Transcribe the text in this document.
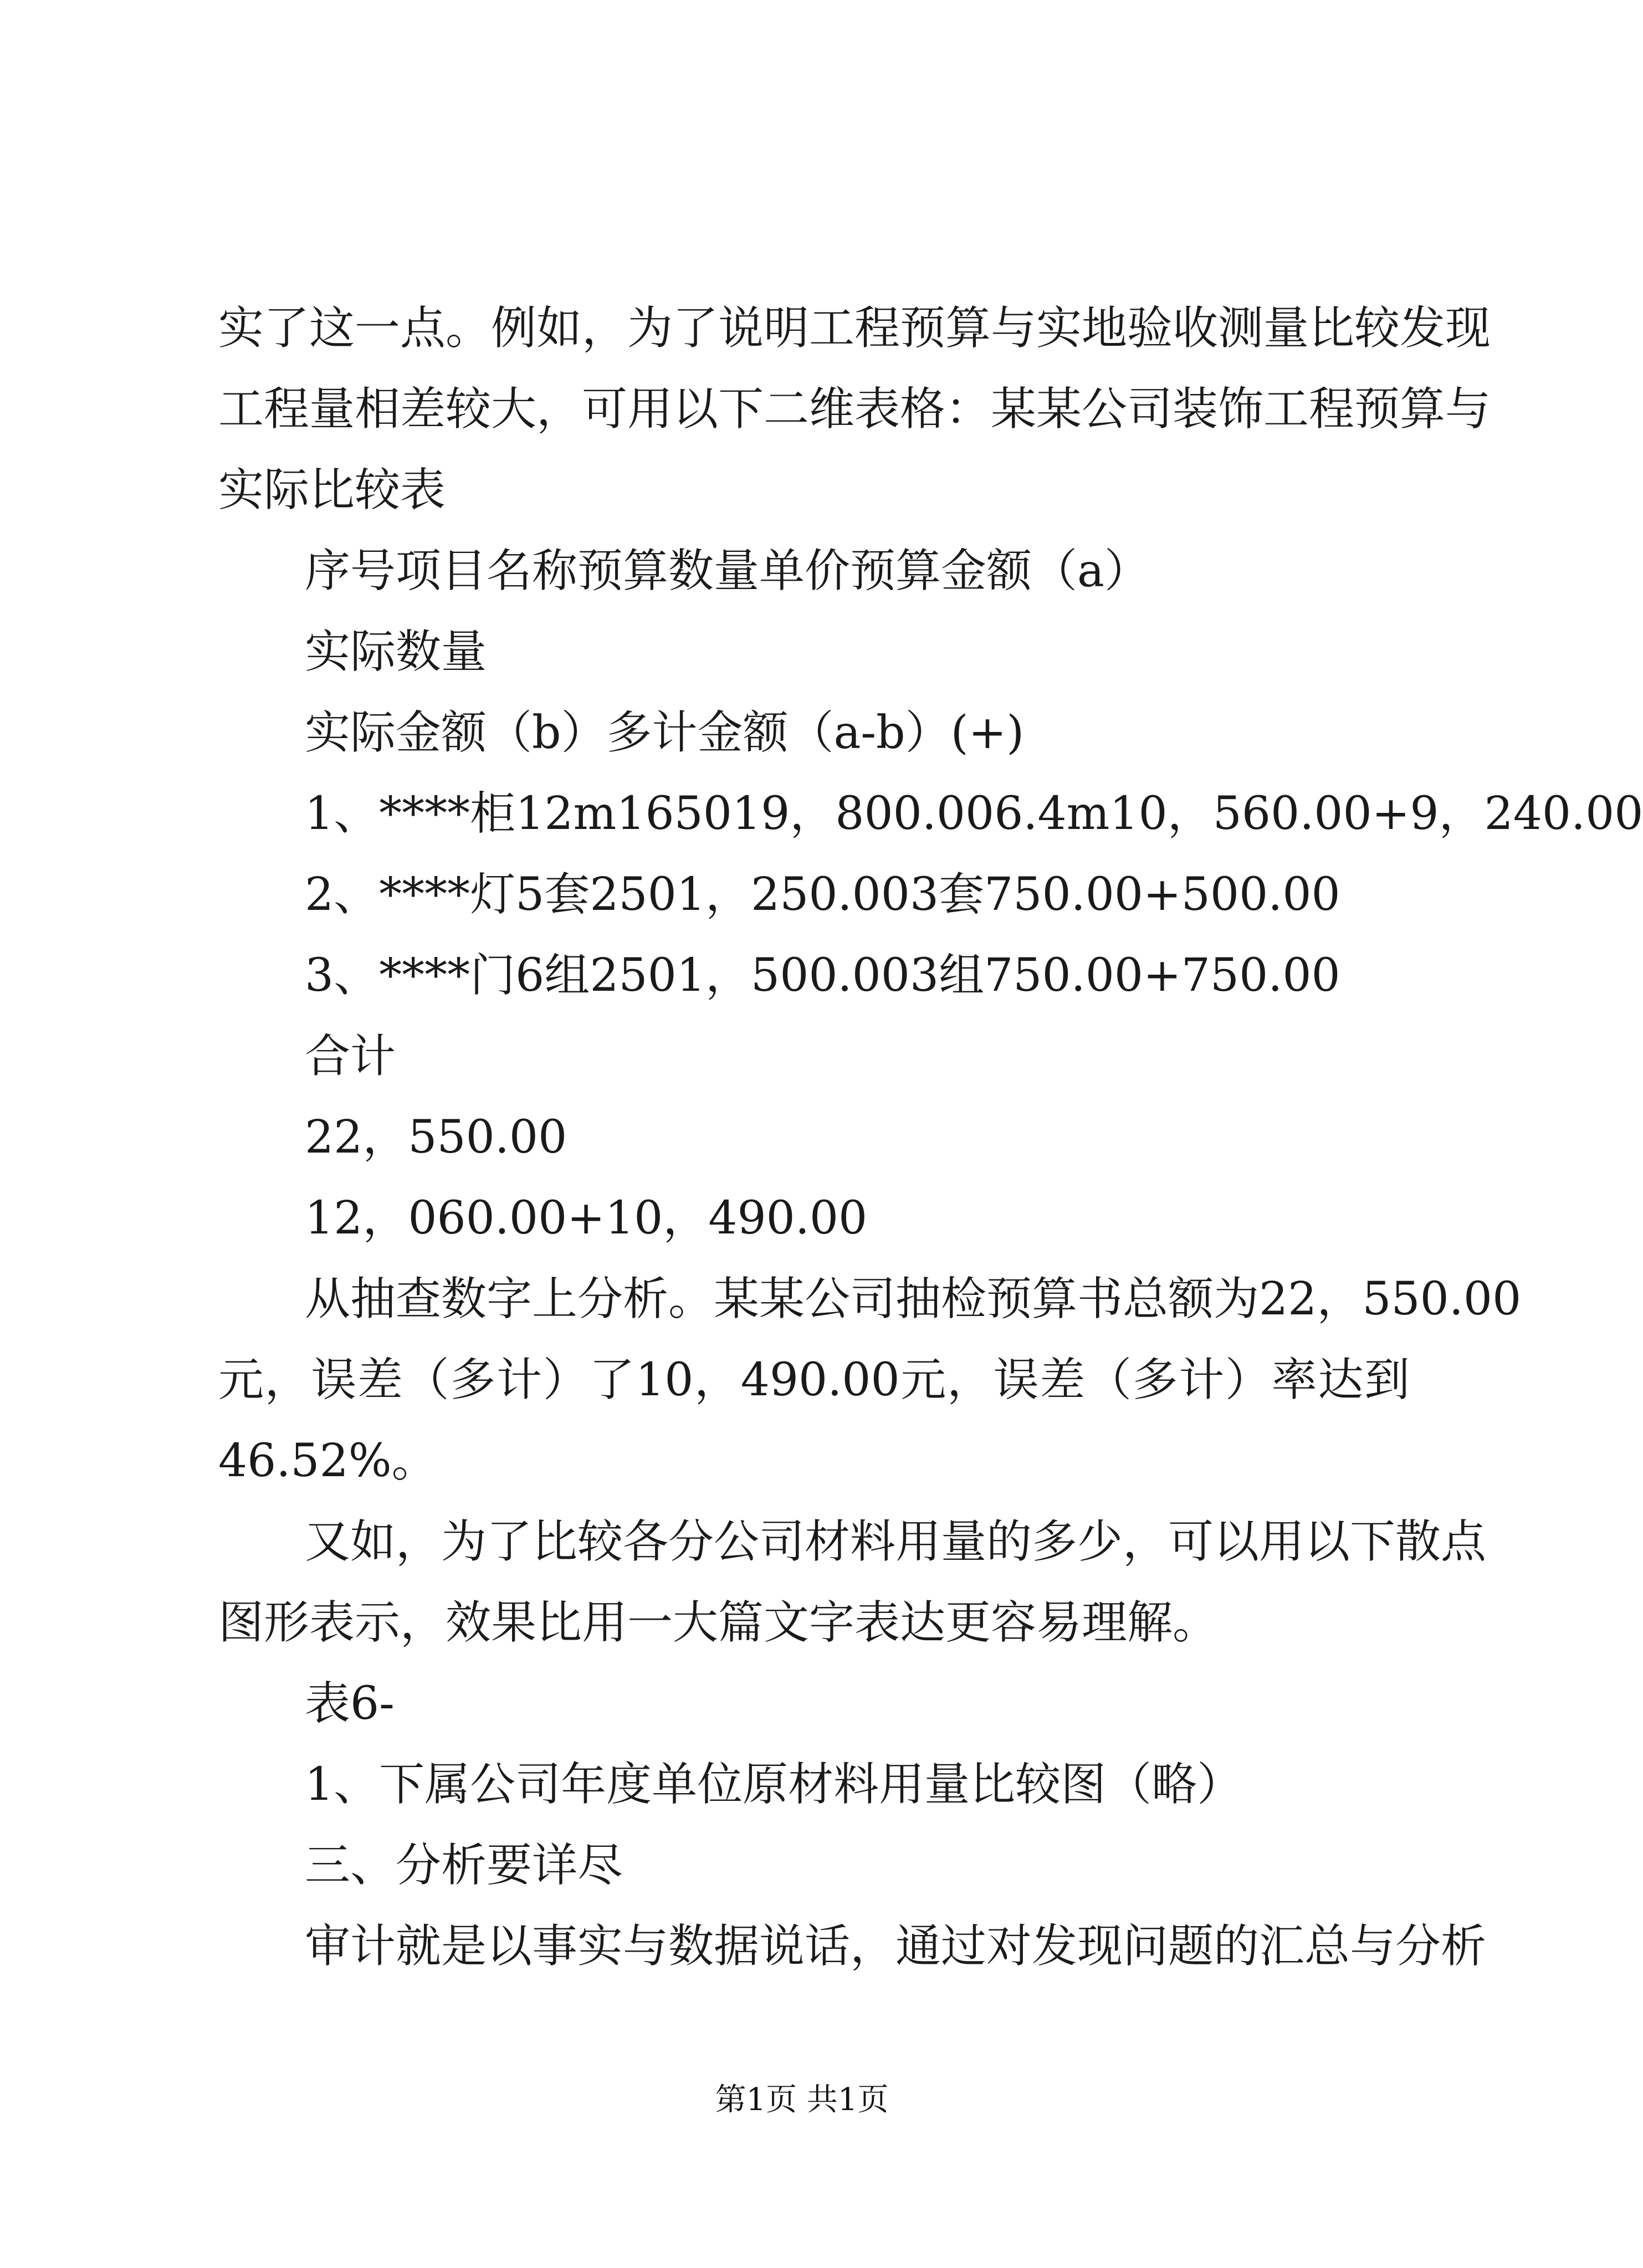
实了这一点。例如，为了说明工程预算与实地验收测量比较发现

工程量相差较大，可用以下二维表格：某某公司装饰工程预算与

实际比较表

序号项目名称预算数量单价预算金额（a）

实际数量

实际金额（b）多计金额（a-b）(+)

1、****柜12m165019，800.006.4m10，560.00+9，240.00

2、****灯5套2501，250.003套750.00+500.00

3、****门6组2501，500.003组750.00+750.00

合计

22，550.00

12，060.00+10，490.00

从抽查数字上分析。某某公司抽检预算书总额为22，550.00

元，误差（多计）了10，490.00元，误差（多计）率达到

46.52%。

又如，为了比较各分公司材料用量的多少，可以用以下散点

图形表示，效果比用一大篇文字表达更容易理解。

表6-

1、下属公司年度单位原材料用量比较图（略）

三、分析要详尽

审计就是以事实与数据说话，通过对发现问题的汇总与分析

第1页 共1页
